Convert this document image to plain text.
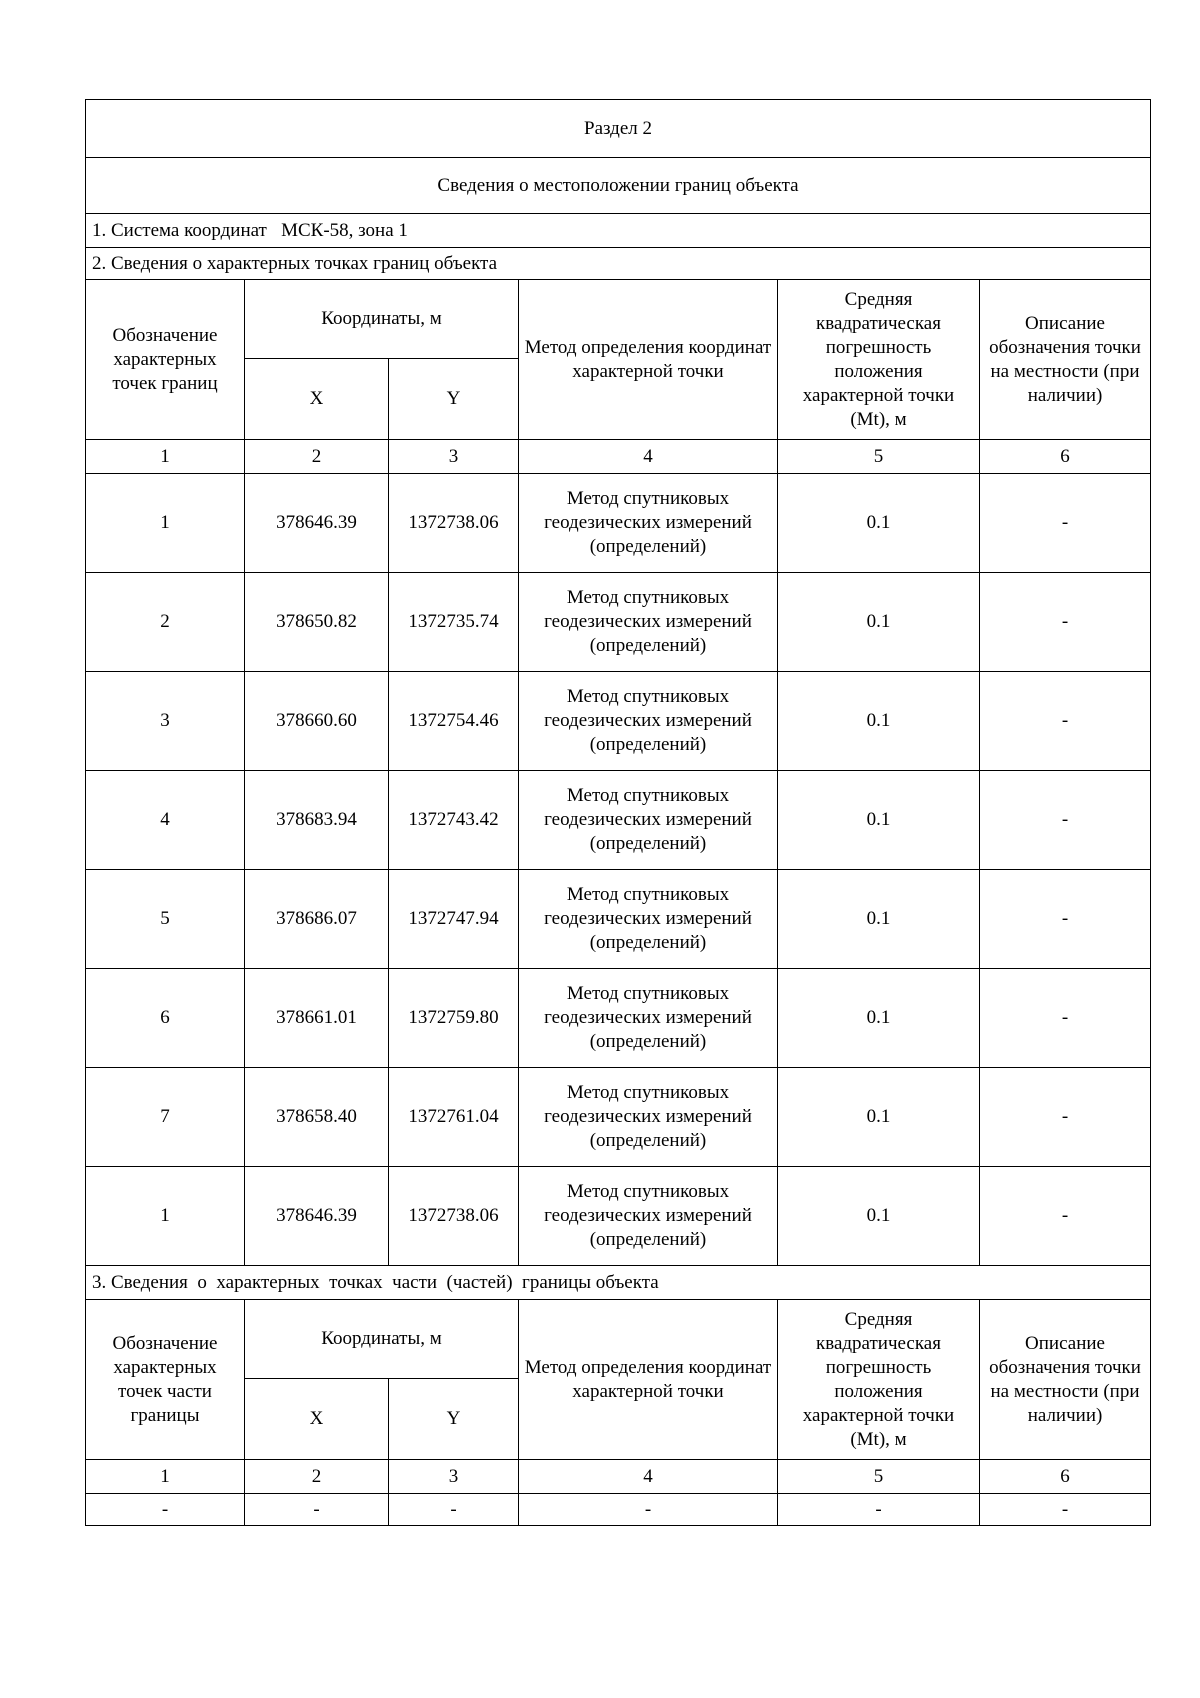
Раздел 2					
Сведения о местоположении границ объекта					
1. Система координат   МСК-58, зона 1					
2. Сведения о характерных точках границ объекта					
Обозначение характерных точек границ	Координаты, м		Метод определения координат характерной точки	Средняя квадратическая погрешность положения характерной точки (Mt), м	Описание обозначения точки на местности (при наличии)
	X	Y			
1	2	3	4	5	6
1	378646.39	1372738.06	Метод спутниковых геодезических измерений (определений)	0.1	-
2	378650.82	1372735.74	Метод спутниковых геодезических измерений (определений)	0.1	-
3	378660.60	1372754.46	Метод спутниковых геодезических измерений (определений)	0.1	-
4	378683.94	1372743.42	Метод спутниковых геодезических измерений (определений)	0.1	-
5	378686.07	1372747.94	Метод спутниковых геодезических измерений (определений)	0.1	-
6	378661.01	1372759.80	Метод спутниковых геодезических измерений (определений)	0.1	-
7	378658.40	1372761.04	Метод спутниковых геодезических измерений (определений)	0.1	-
1	378646.39	1372738.06	Метод спутниковых геодезических измерений (определений)	0.1	-
3. Сведения  о  характерных  точках  части  (частей)  границы объекта					
Обозначение характерных точек части границы	Координаты, м		Метод определения координат характерной точки	Средняя квадратическая погрешность положения характерной точки (Mt), м	Описание обозначения точки на местности (при наличии)
	X	Y			
1	2	3	4	5	6
-	-	-	-	-	-
